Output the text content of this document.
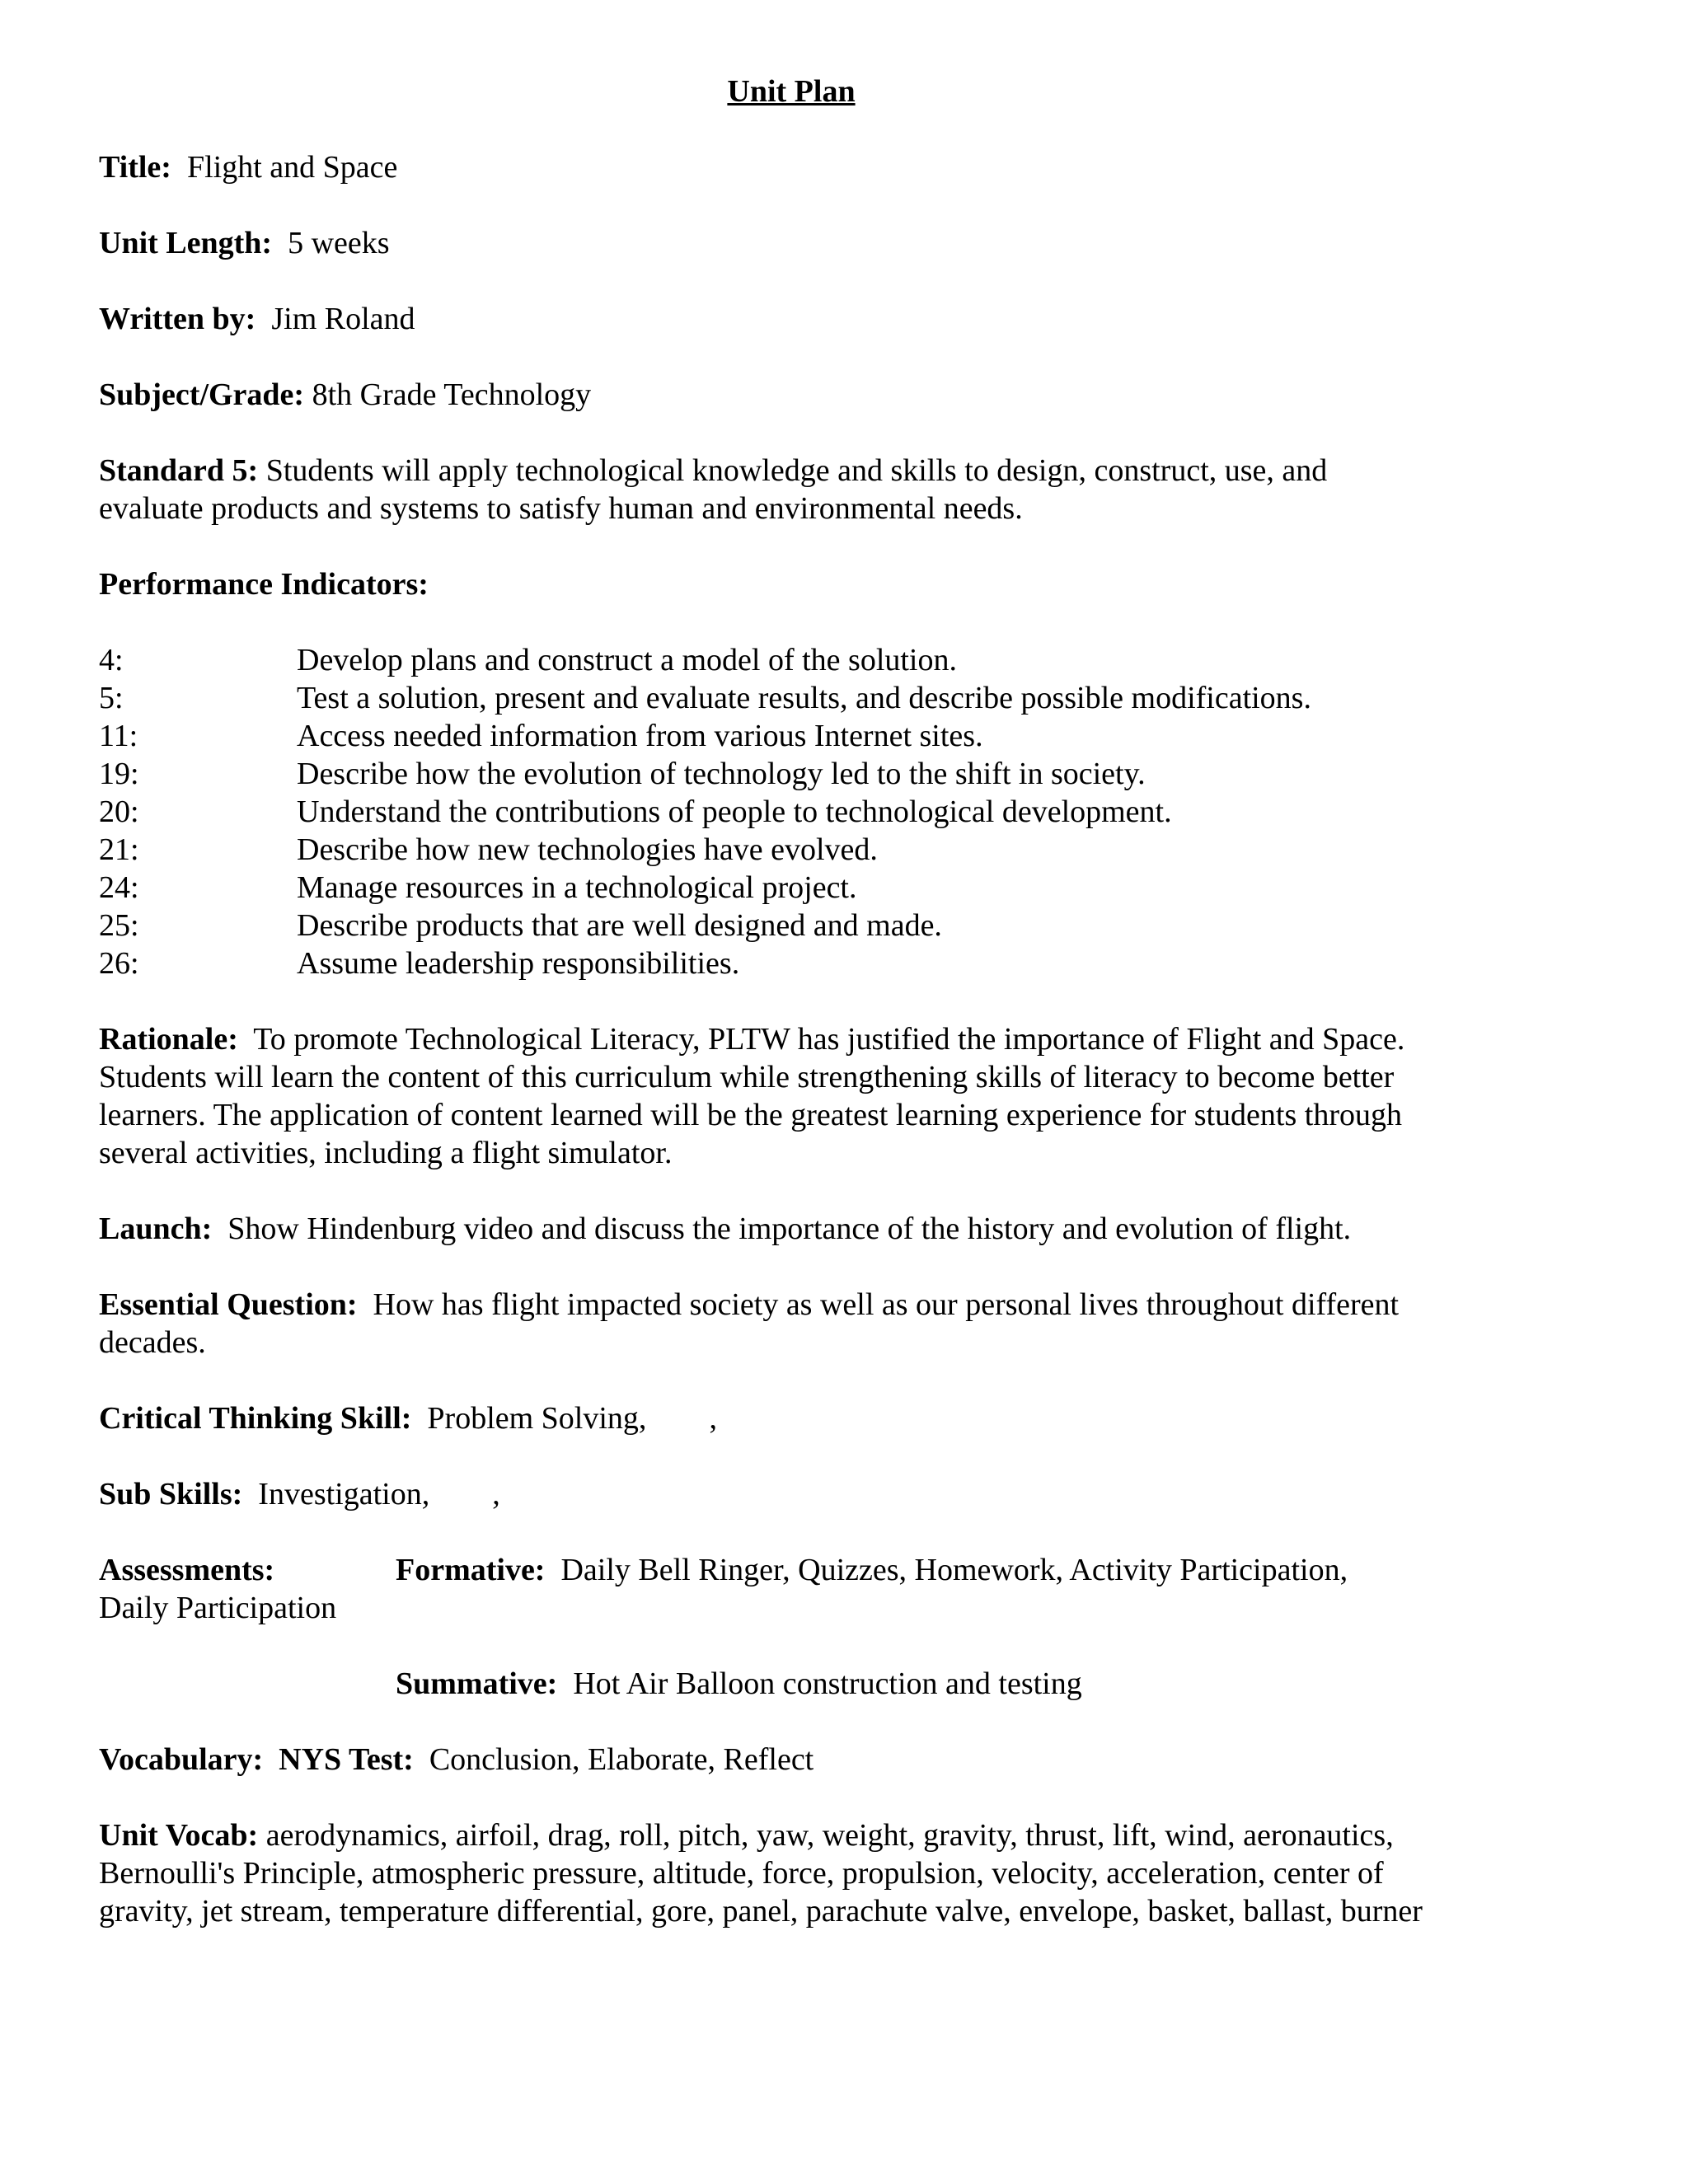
Unit Plan

Title: Flight and Space

Unit Length: 5 weeks

Written by: Jim Roland

Subject/Grade: 8th Grade Technology

Standard 5: Students will apply technological knowledge and skills to design, construct, use, and evaluate products and systems to satisfy human and environmental needs.

Performance Indicators:

4:	Develop plans and construct a model of the solution.
5:	Test a solution, present and evaluate results, and describe possible modifications.
11:	Access needed information from various Internet sites.
19:	Describe how the evolution of technology led to the shift in society.
20:	Understand the contributions of people to technological development.
21:	Describe how new technologies have evolved.
24:	Manage resources in a technological project.
25:	Describe products that are well designed and made.
26:	Assume leadership responsibilities.

Rationale: To promote Technological Literacy, PLTW has justified the importance of Flight and Space. Students will learn the content of this curriculum while strengthening skills of literacy to become better learners. The application of content learned will be the greatest learning experience for students through several activities, including a flight simulator.

Launch: Show Hindenburg video and discuss the importance of the history and evolution of flight.

Essential Question: How has flight impacted society as well as our personal lives throughout different decades.

Critical Thinking Skill: Problem Solving, ,

Sub Skills: Investigation, ,

Assessments:	Formative: Daily Bell Ringer, Quizzes, Homework, Activity Participation,
Daily Participation

Summative: Hot Air Balloon construction and testing

Vocabulary: NYS Test: Conclusion, Elaborate, Reflect

Unit Vocab: aerodynamics, airfoil, drag, roll, pitch, yaw, weight, gravity, thrust, lift, wind, aeronautics, Bernoulli's Principle, atmospheric pressure, altitude, force, propulsion, velocity, acceleration, center of gravity, jet stream, temperature differential, gore, panel, parachute valve, envelope, basket, ballast, burner
